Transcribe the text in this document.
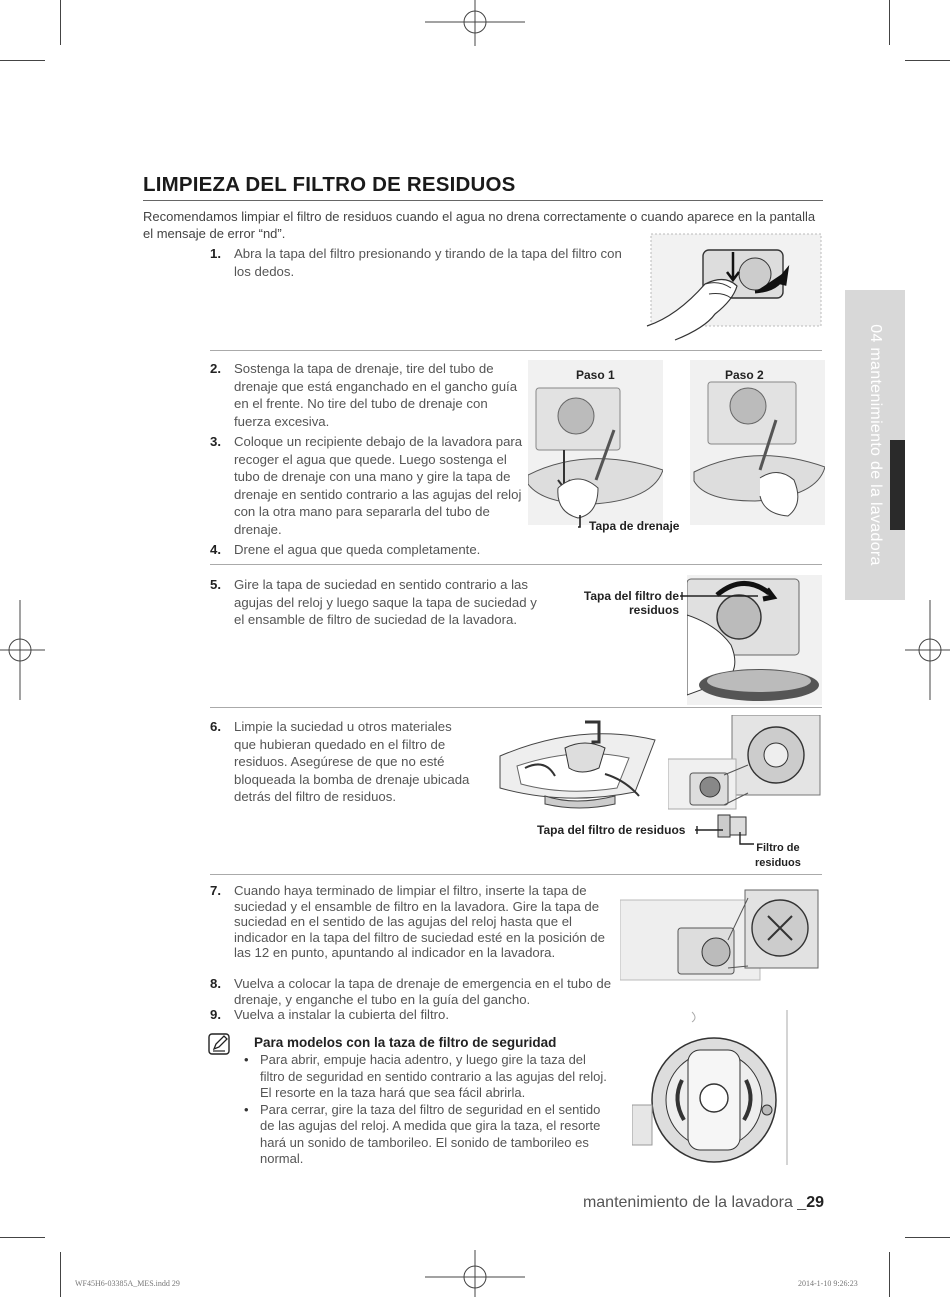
LIMPIEZA DEL FILTRO DE RESIDUOS
Recomendamos limpiar el filtro de residuos cuando el agua no drena correctamente o cuando aparece en la pantalla el mensaje de error “nd”.
04 mantenimiento de la lavadora
1. Abra la tapa del filtro presionando y tirando de la tapa del filtro con los dedos.
2. Sostenga la tapa de drenaje, tire del tubo de drenaje que está enganchado en el gancho guía en el frente. No tire del tubo de drenaje con fuerza excesiva.
3. Coloque un recipiente debajo de la lavadora para recoger el agua que quede. Luego sostenga el tubo de drenaje con una mano y gire la tapa de drenaje en sentido contrario a las agujas del reloj con la otra mano para separarla del tubo de drenaje.
4. Drene el agua que queda completamente.
Paso 1	Paso 2
Tapa de drenaje
5. Gire la tapa de suciedad en sentido contrario a las agujas del reloj y luego saque la tapa de suciedad y el ensamble de filtro de suciedad de la lavadora.
Tapa del filtro de
residuos
6. Limpie la suciedad u otros materiales que hubieran quedado en el filtro de residuos. Asegúrese de que no esté bloqueada la bomba de drenaje ubicada detrás del filtro de residuos.
Tapa del filtro de residuos
Filtro de
residuos
7. Cuando haya terminado de limpiar el filtro, inserte la tapa de suciedad y el ensamble de filtro en la lavadora. Gire la tapa de suciedad en el sentido de las agujas del reloj hasta que el indicador en la tapa del filtro de suciedad esté en la posición de las 12 en punto, apuntando al indicador en la lavadora.
8. Vuelva a colocar la tapa de drenaje de emergencia en el tubo de drenaje, y enganche el tubo en la guía del gancho.
9. Vuelva a instalar la cubierta del filtro.
Para modelos con la taza de filtro de seguridad
• Para abrir, empuje hacia adentro, y luego gire la taza del filtro de seguridad en sentido contrario a las agujas del reloj. El resorte en la taza hará que sea fácil abrirla.
• Para cerrar, gire la taza del filtro de seguridad en el sentido de las agujas del reloj. A medida que gira la taza, el resorte hará un sonido de tamborileo. El sonido de tamborileo es normal.
mantenimiento de la lavadora _29
WF45H6-03385A_MES.indd 29	2014-1-10 9:26:23
